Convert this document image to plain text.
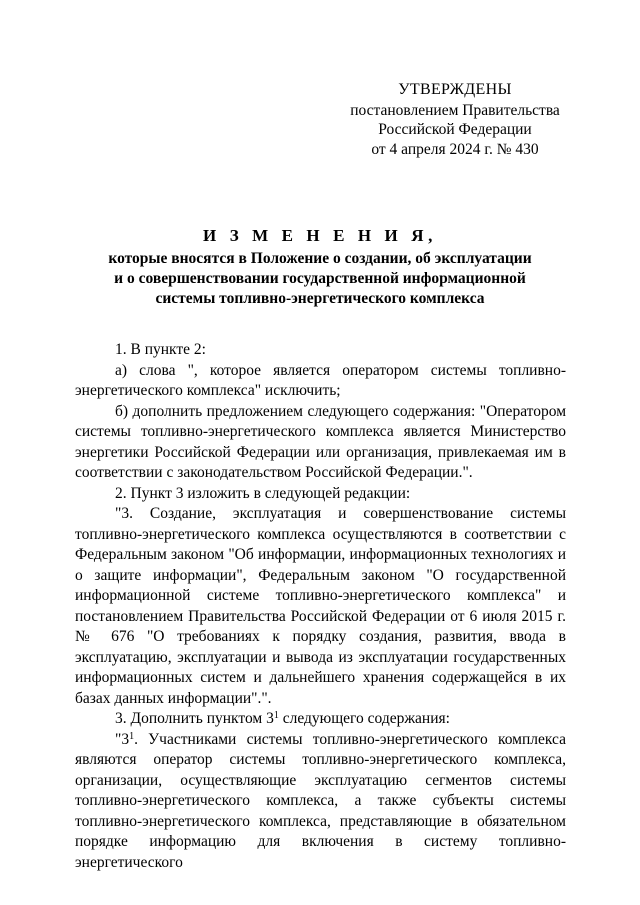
УТВЕРЖДЕНЫ
постановлением Правительства
Российской Федерации
от 4 апреля 2024 г. № 430
И З М Е Н Е Н И Я,
которые вносятся в Положение о создании, об эксплуатации
и о совершенствовании государственной информационной
системы топливно-энергетического комплекса

1. В пункте 2:

а) слова ", которое является оператором системы топливно-энергетического комплекса" исключить;

б) дополнить предложением следующего содержания: "Оператором системы топливно-энергетического комплекса является Министерство энергетики Российской Федерации или организация, привлекаемая им в соответствии с законодательством Российской Федерации.".

2. Пункт 3 изложить в следующей редакции:

"3. Создание, эксплуатация и совершенствование системы топливно-энергетического комплекса осуществляются в соответствии с Федеральным законом "Об информации, информационных технологиях и о защите информации", Федеральным законом "О государственной информационной системе топливно-энергетического комплекса" и постановлением Правительства Российской Федерации от 6 июля 2015 г. № 676 "О требованиях к порядку создания, развития, ввода в эксплуатацию, эксплуатации и вывода из эксплуатации государственных информационных систем и дальнейшего хранения содержащейся в их базах данных информации".".

3. Дополнить пунктом $3^1$ следующего содержания:

"$3^1$. Участниками системы топливно-энергетического комплекса являются оператор системы топливно-энергетического комплекса, организации, осуществляющие эксплуатацию сегментов системы топливно-энергетического комплекса, а также субъекты системы топливно-энергетического комплекса, представляющие в обязательном порядке информацию для включения в систему топливно-энергетического
